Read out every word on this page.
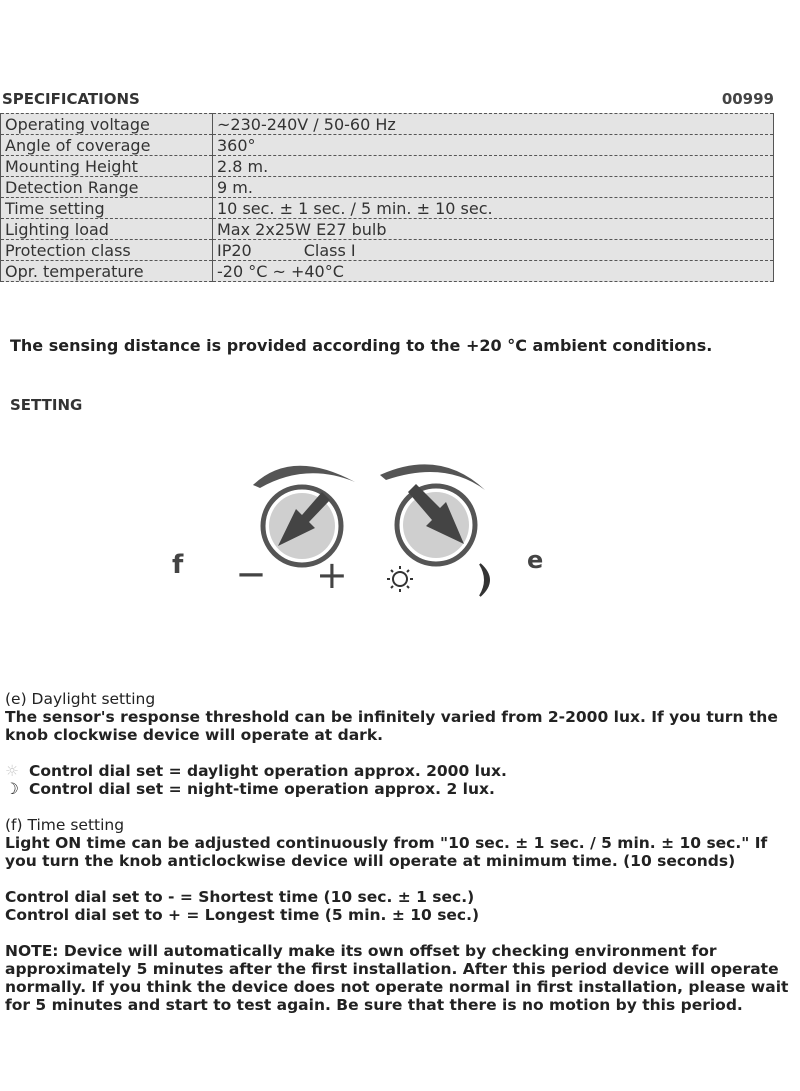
SPECIFICATIONS	00999
Operating voltage	~230-240V / 50-60 Hz
Angle of coverage	360°
Mounting Height	2.8 m.
Detection Range	9 m.
Time setting	10 sec. ± 1 sec. / 5 min. ± 10 sec.
Lighting load	Max 2x25W E27 bulb
Protection class	IP20 Class I
Opr. temperature	-20 °C ~ +40°C
The sensing distance is provided according to the +20 °C ambient conditions.
SETTING
f	e
— +

(e) Daylight setting

The sensor's response threshold can be infinitely varied from 2-2000 lux. If you turn the knob clockwise device will operate at dark.

☼ Control dial set = daylight operation approx. 2000 lux.
☽ Control dial set = night-time operation approx. 2 lux.

(f) Time setting

Light ON time can be adjusted continuously from "10 sec. ± 1 sec. / 5 min. ± 10 sec." If you turn the knob anticlockwise device will operate at minimum time. (10 seconds)

Control dial set to - = Shortest time (10 sec. ± 1 sec.)

Control dial set to + = Longest time (5 min. ± 10 sec.)

NOTE: Device will automatically make its own offset by checking environment for approximately 5 minutes after the first installation. After this period device will operate normally. If you think the device does not operate normal in first installation, please wait for 5 minutes and start to test again. Be sure that there is no motion by this period.
